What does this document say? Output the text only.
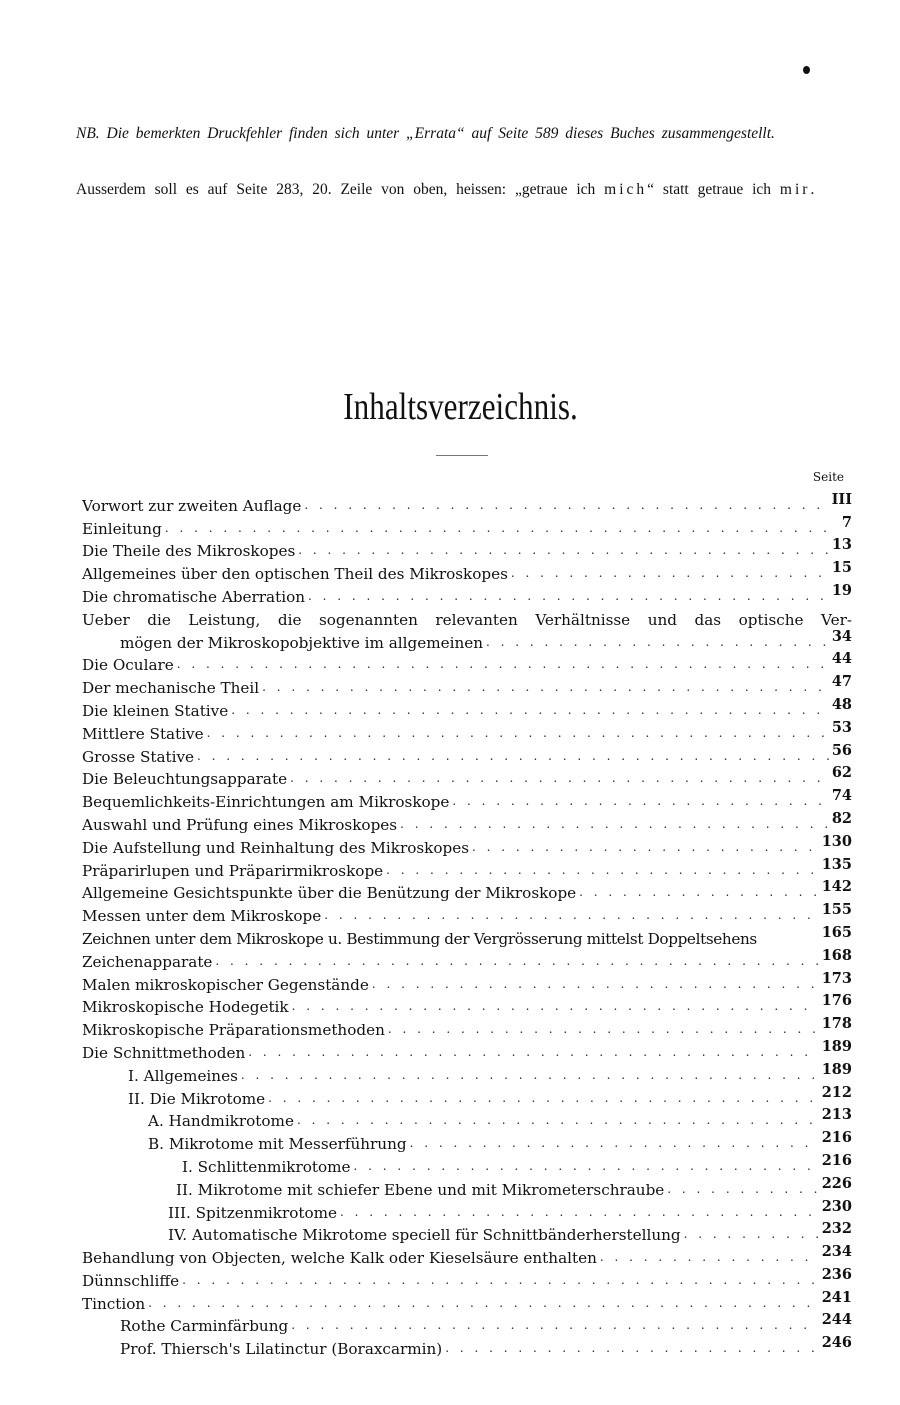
NB. Die bemerkten Druckfehler finden sich unter „Errata“ auf Seite 589 dieses Buches zusammengestellt.
Ausserdem soll es auf Seite 283, 20. Zeile von oben, heissen: „getraue ich mich“ statt getraue ich mir.
Inhaltsverzeichnis.
Seite
Vorwort zur zweiten Auflage . . .	III
Einleitung . . .	7
Die Theile des Mikroskopes . . .	13
Allgemeines über den optischen Theil des Mikroskopes . . .	15
Die chromatische Aberration . . .	19
Ueber die Leistung, die sogenannten relevanten Verhältnisse und das optische Ver-
mögen der Mikroskopobjektive im allgemeinen . . .	34
Die Oculare . . .	44
Der mechanische Theil . . .	47
Die kleinen Stative . . .	48
Mittlere Stative . . .	53
Grosse Stative . . .	56
Die Beleuchtungsapparate . . .	62
Bequemlichkeits-Einrichtungen am Mikroskope . . .	74
Auswahl und Prüfung eines Mikroskopes . . .	82
Die Aufstellung und Reinhaltung des Mikroskopes . . .	130
Präparirlupen und Präparirmikroskope . . .	135
Allgemeine Gesichtspunkte über die Benützung der Mikroskope . . .	142
Messen unter dem Mikroskope . . .	155
Zeichnen unter dem Mikroskope u. Bestimmung der Vergrösserung mittelst Doppeltsehens	165
Zeichenapparate . . .	168
Malen mikroskopischer Gegenstände . . .	173
Mikroskopische Hodegetik . . .	176
Mikroskopische Präparationsmethoden . . .	178
Die Schnittmethoden . . .	189
I. Allgemeines . . .	189
II. Die Mikrotome . . .	212
A. Handmikrotome . . .	213
B. Mikrotome mit Messerführung . . .	216
I. Schlittenmikrotome . . .	216
II. Mikrotome mit schiefer Ebene und mit Mikrometerschraube . . .	226
III. Spitzenmikrotome . . .	230
IV. Automatische Mikrotome speciell für Schnittbänderherstellung . . .	232
Behandlung von Objecten, welche Kalk oder Kieselsäure enthalten . . .	234
Dünnschliffe . . .	236
Tinction . . .	241
Rothe Carminfärbung . . .	244
Prof. Thiersch's Lilatinctur (Boraxcarmin) . . .	246
